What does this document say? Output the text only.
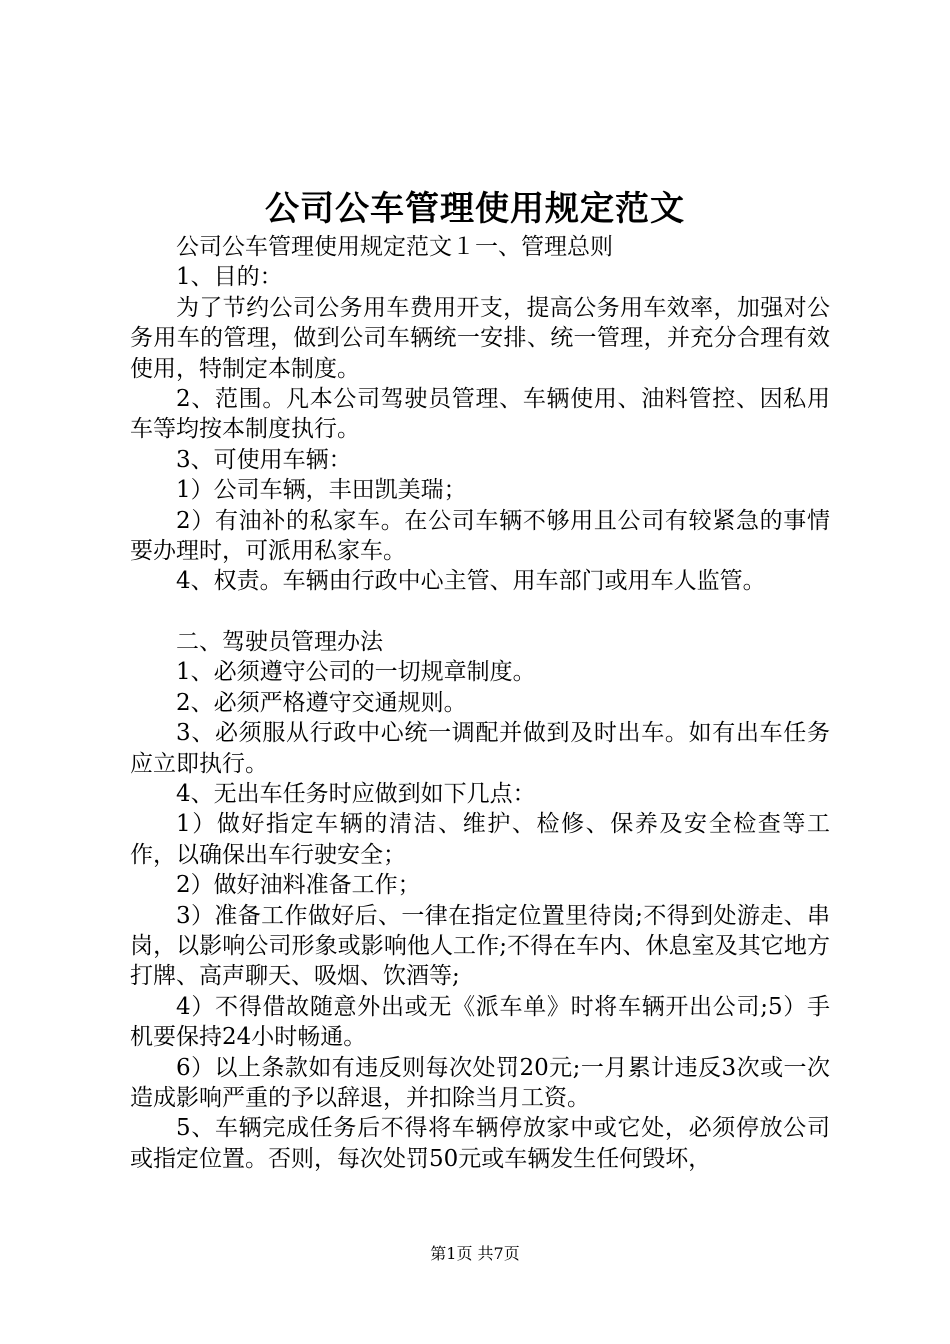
公司公车管理使用规定范文

公司公车管理使用规定范文１一、管理总则

1、目的：

为了节约公司公务用车费用开支，提高公务用车效率，加强对公务用车的管理，做到公司车辆统一安排、统一管理，并充分合理有效使用，特制定本制度。

2、范围。凡本公司驾驶员管理、车辆使用、油料管控、因私用车等均按本制度执行。

3、可使用车辆：

1）公司车辆，丰田凯美瑞；

2）有油补的私家车。在公司车辆不够用且公司有较紧急的事情要办理时，可派用私家车。

4、权责。车辆由行政中心主管、用车部门或用车人监管。

二、驾驶员管理办法

1、必须遵守公司的一切规章制度。

2、必须严格遵守交通规则。

3、必须服从行政中心统一调配并做到及时出车。如有出车任务应立即执行。

4、无出车任务时应做到如下几点：

1）做好指定车辆的清洁、维护、检修、保养及安全检查等工作，以确保出车行驶安全；

2）做好油料准备工作；

3）准备工作做好后、一律在指定位置里待岗;不得到处游走、串岗，以影响公司形象或影响他人工作;不得在车内、休息室及其它地方打牌、高声聊天、吸烟、饮酒等;

4）不得借故随意外出或无《派车单》时将车辆开出公司;5）手机要保持24小时畅通。

6）以上条款如有违反则每次处罚20元;一月累计违反3次或一次造成影响严重的予以辞退，并扣除当月工资。

5、车辆完成任务后不得将车辆停放家中或它处，必须停放公司或指定位置。否则，每次处罚50元或车辆发生任何毁坏，

第1页 共7页
